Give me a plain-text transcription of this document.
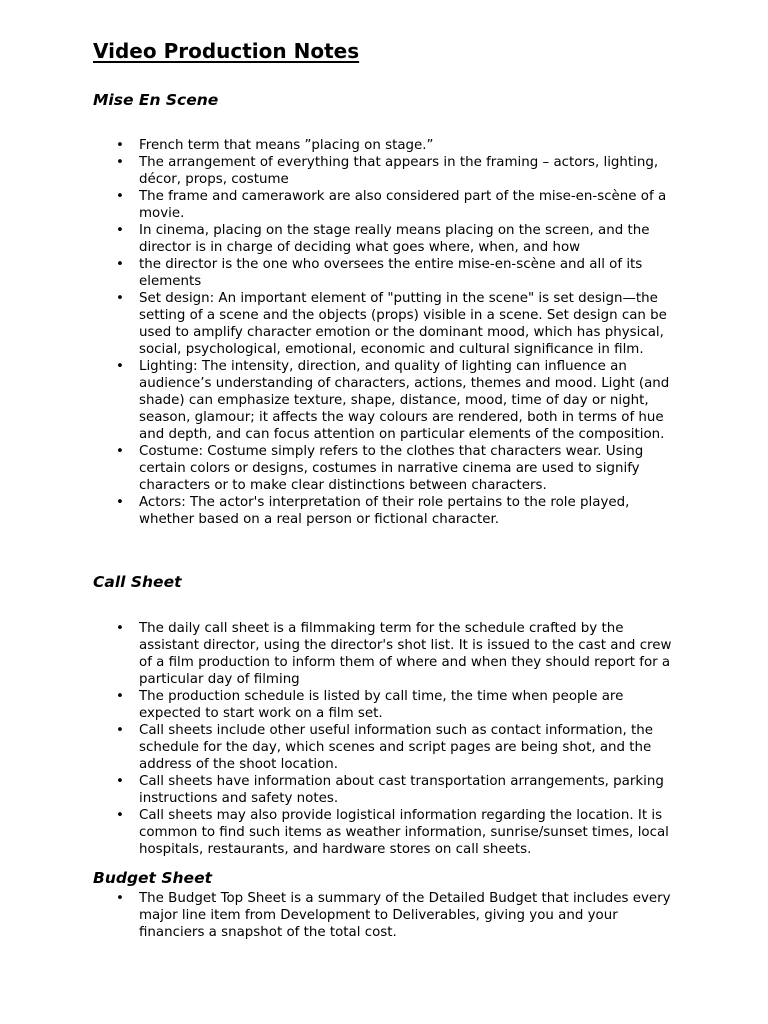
Video Production Notes
Mise En Scene
• French term that means ”placing on stage.”
• The arrangement of everything that appears in the framing – actors, lighting, décor, props, costume
• The frame and camerawork are also considered part of the mise-en-scène of a movie.
• In cinema, placing on the stage really means placing on the screen, and the director is in charge of deciding what goes where, when, and how
• the director is the one who oversees the entire mise-en-scène and all of its elements
• Set design: An important element of "putting in the scene" is set design—the setting of a scene and the objects (props) visible in a scene. Set design can be used to amplify character emotion or the dominant mood, which has physical, social, psychological, emotional, economic and cultural significance in film.
• Lighting: The intensity, direction, and quality of lighting can influence an audience’s understanding of characters, actions, themes and mood. Light (and shade) can emphasize texture, shape, distance, mood, time of day or night, season, glamour; it affects the way colours are rendered, both in terms of hue and depth, and can focus attention on particular elements of the composition.
• Costume: Costume simply refers to the clothes that characters wear. Using certain colors or designs, costumes in narrative cinema are used to signify characters or to make clear distinctions between characters.
• Actors: The actor's interpretation of their role pertains to the role played, whether based on a real person or fictional character.
Call Sheet
• The daily call sheet is a filmmaking term for the schedule crafted by the assistant director, using the director's shot list. It is issued to the cast and crew of a film production to inform them of where and when they should report for a particular day of filming
• The production schedule is listed by call time, the time when people are expected to start work on a film set.
• Call sheets include other useful information such as contact information, the schedule for the day, which scenes and script pages are being shot, and the address of the shoot location.
• Call sheets have information about cast transportation arrangements, parking instructions and safety notes.
• Call sheets may also provide logistical information regarding the location. It is common to find such items as weather information, sunrise/sunset times, local hospitals, restaurants, and hardware stores on call sheets.
Budget Sheet
• The Budget Top Sheet is a summary of the Detailed Budget that includes every major line item from Development to Deliverables, giving you and your financiers a snapshot of the total cost.
